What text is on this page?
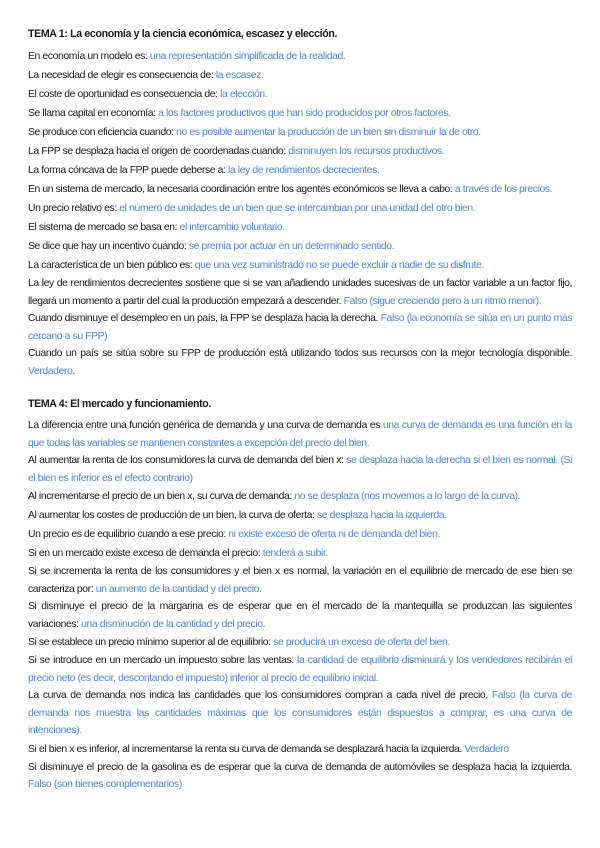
TEMA 1: La economía y la ciencia económica, escasez y elección.

En economía un modelo es: una representación simplificada de la realidad.

La necesidad de elegir es consecuencia de: la escasez.

El coste de oportunidad es consecuencia de: la elección.

Se llama capital en economía: a los factores productivos que han sido producidos por otros factores.

Se produce con eficiencia cuando: no es posible aumentar la producción de un bien sin disminuir la de otro.

La FPP se desplaza hacia el origen de coordenadas cuando: disminuyen los recursos productivos.

La forma cóncava de la FPP puede deberse a: la ley de rendimientos decrecientes.

En un sistema de mercado, la necesaria coordinación entre los agentes económicos se lleva a cabo: a través de los precios.

Un precio relativo es: el número de unidades de un bien que se intercambian por una unidad del otro bien.

El sistema de mercado se basa en: el intercambio voluntario.

Se dice que hay un incentivo cuando: se premia por actuar en un determinado sentido.

La característica de un bien público es: que una vez suministrado no se puede excluir a nadie de su disfrute.

La ley de rendimientos decrecientes sostiene que si se van añadiendo unidades sucesivas de un factor variable a un factor fijo, llegará un momento a partir del cual la producción empezará a descender. Falso (sigue creciendo pero a un ritmo menor).

Cuando disminuye el desempleo en un país, la FPP se desplaza hacia la derecha. Falso (la economía se sitúa en un punto más cercano a su FPP)

Cuando un país se sitúa sobre su FPP de producción está utilizando todos sus recursos con la mejor tecnología disponible. Verdadero.

TEMA 4: El mercado y funcionamiento.

La diferencia entre una función genérica de demanda y una curva de demanda es una curva de demanda es una función en la que todas las variables se mantienen constantes a excepción del precio del bien.

Al aumentar la renta de los consumidores la curva de demanda del bien x: se desplaza hacia la derecha si el bien es normal. (Si el bien es inferior es el efecto contrario)

Al incrementarse el precio de un bien x, su curva de demanda: no se desplaza (nos movemos a lo largo de la curva).

Al aumentar los costes de producción de un bien, la curva de oferta: se desplaza hacia la izquierda.

Un precio es de equilibrio cuando a ese precio: ni existe exceso de oferta ni de demanda del bien.

Si en un mercado existe exceso de demanda el precio: tenderá a subir.

Si se incrementa la renta de los consumidores y el bien x es normal, la variación en el equilibrio de mercado de ese bien se caracteriza por: un aumento de la cantidad y del precio.

Si disminuye el precio de la margarina es de esperar que en el mercado de la mantequilla se produzcan las siguientes variaciones: una disminución de la cantidad y del precio.

Si se establece un precio mínimo superior al de equilibrio: se producirá un exceso de oferta del bien.

Si se introduce en un mercado un impuesto sobre las ventas: la cantidad de equilibrio disminuirá y los vendedores recibirán el precio neto (es decir, descontando el impuesto) inferior al precio de equilibrio inicial.

La curva de demanda nos indica las cantidades que los consumidores compran a cada nivel de precio. Falso (la curva de demanda nos muestra las cantidades máximas que los consumidores están dispuestos a comprar, es una curva de intenciones).

Si el bien x es inferior, al incrementarse la renta su curva de demanda se desplazará hacia la izquierda. Verdadero

Si disminuye el precio de la gasolina es de esperar que la curva de demanda de automóviles se desplaza hacia la izquierda. Falso (son bienes complementarios)
